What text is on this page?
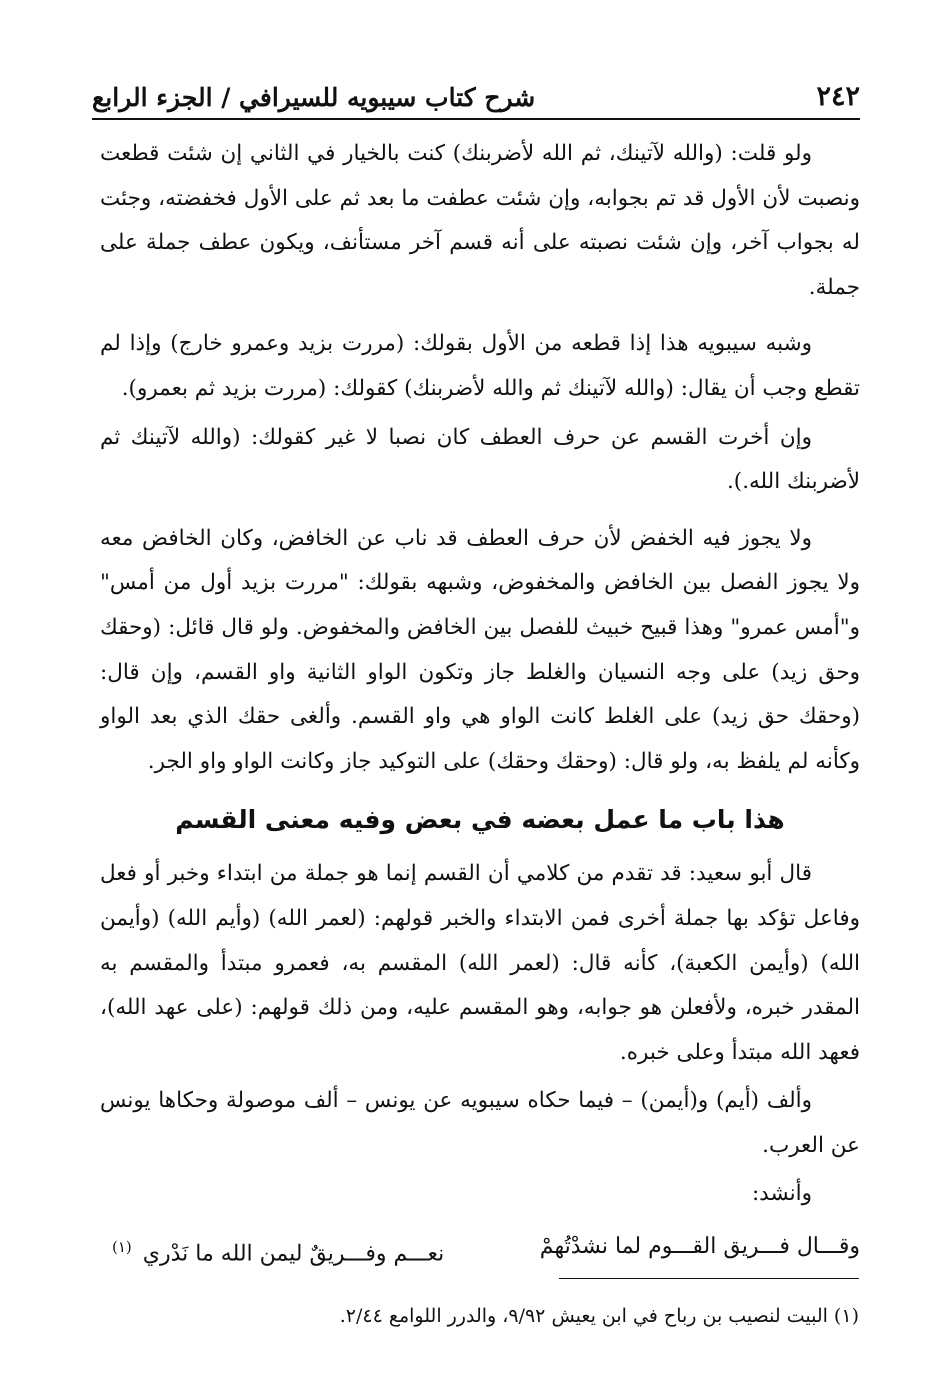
٢٤٢
شرح كتاب سيبويه للسيرافي / الجزء الرابع

ولو قلت: (والله لآتينك، ثم الله لأضربنك) كنت بالخيار في الثاني إن شئت قطعت ونصبت لأن الأول قد تم بجوابه، وإن شئت عطفت ما بعد ثم على الأول فخفضته، وجئت له بجواب آخر، وإن شئت نصبته على أنه قسم آخر مستأنف، ويكون عطف جملة على جملة.

وشبه سيبويه هذا إذا قطعه من الأول بقولك: (مررت بزيد وعمرو خارج) وإذا لم تقطع وجب أن يقال: (والله لآتينك ثم والله لأضربنك) كقولك: (مررت بزيد ثم بعمرو).

وإن أخرت القسم عن حرف العطف كان نصبا لا غير كقولك: (والله لآتينك ثم لأضربنك الله.).

ولا يجوز فيه الخفض لأن حرف العطف قد ناب عن الخافض، وكان الخافض معه ولا يجوز الفصل بين الخافض والمخفوض، وشبهه بقولك: "مررت بزيد أول من أمس" و"أمس عمرو" وهذا قبيح خبيث للفصل بين الخافض والمخفوض. ولو قال قائل: (وحقك وحق زيد) على وجه النسيان والغلط جاز وتكون الواو الثانية واو القسم، وإن قال: (وحقك حق زيد) على الغلط كانت الواو هي واو القسم. وألغى حقك الذي بعد الواو وكأنه لم يلفظ به، ولو قال: (وحقك وحقك) على التوكيد جاز وكانت الواو واو الجر.

هذا باب ما عمل بعضه في بعض وفيه معنى القسم

قال أبو سعيد: قد تقدم من كلامي أن القسم إنما هو جملة من ابتداء وخبر أو فعل وفاعل تؤكد بها جملة أخرى فمن الابتداء والخبر قولهم: (لعمر الله) (وأيم الله) (وأيمن الله) (وأيمن الكعبة)، كأنه قال: (لعمر الله) المقسم به، فعمرو مبتدأ والمقسم به المقدر خبره، ولأفعلن هو جوابه، وهو المقسم عليه، ومن ذلك قولهم: (على عهد الله)، فعهد الله مبتدأ وعلى خبره.

وألف (أيم) و(أيمن) – فيما حكاه سيبويه عن يونس – ألف موصولة وحكاها يونس عن العرب.

وأنشد:
وقـــال فـــريق القـــوم لما نشدْتُهمْ
نعـــم وفـــريقٌ ليمن الله ما نَدْري $^{(١)}$
(١) البيت لنصيب بن رباح في ابن يعيش ٩/٩٢، والدرر اللوامع ٢/٤٤.
